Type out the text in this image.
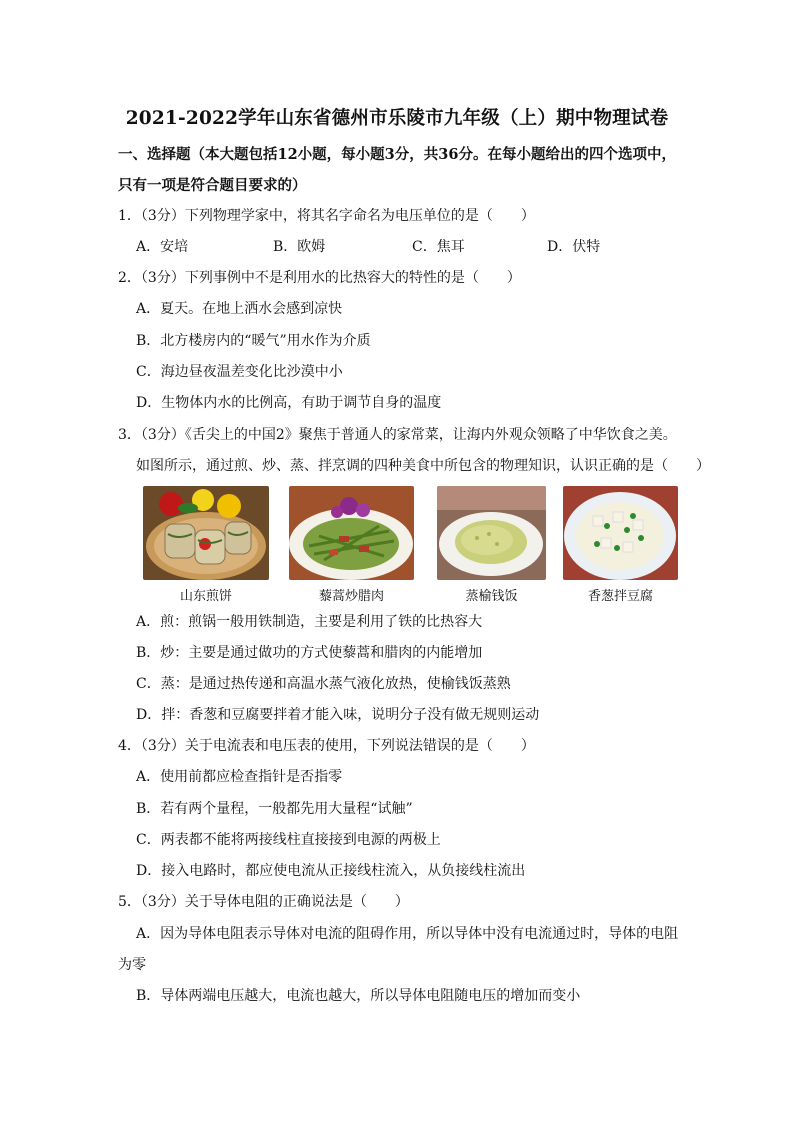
2021-2022学年山东省德州市乐陵市九年级（上）期中物理试卷
一、选择题（本大题包括12小题，每小题3分，共36分。在每小题给出的四个选项中，
只有一项是符合题目要求的）
1．（3分）下列物理学家中，将其名字命名为电压单位的是（　　）
A．安培	B．欧姆	C．焦耳	D．伏特
2．（3分）下列事例中不是利用水的比热容大的特性的是（　　）
A．夏天。在地上洒水会感到凉快
B．北方楼房内的“暖气”用水作为介质
C．海边昼夜温差变化比沙漠中小
D．生物体内水的比例高，有助于调节自身的温度
3．（3分）《舌尖上的中国2》聚焦于普通人的家常菜，让海内外观众领略了中华饮食之美。
如图所示，通过煎、炒、蒸、拌烹调的四种美食中所包含的物理知识，认识正确的是（　　）
山东煎饼	藜蒿炒腊肉	蒸榆钱饭	香葱拌豆腐
A．煎：煎锅一般用铁制造，主要是利用了铁的比热容大
B．炒：主要是通过做功的方式使藜蒿和腊肉的内能增加
C．蒸：是通过热传递和高温水蒸气液化放热，使榆钱饭蒸熟
D．拌：香葱和豆腐要拌着才能入味，说明分子没有做无规则运动
4．（3分）关于电流表和电压表的使用，下列说法错误的是（　　）
A．使用前都应检查指针是否指零
B．若有两个量程，一般都先用大量程“试触”
C．两表都不能将两接线柱直接接到电源的两极上
D．接入电路时，都应使电流从正接线柱流入，从负接线柱流出
5．（3分）关于导体电阻的正确说法是（　　）
A．因为导体电阻表示导体对电流的阻碍作用，所以导体中没有电流通过时，导体的电阻
为零
B．导体两端电压越大，电流也越大，所以导体电阻随电压的增加而变小
